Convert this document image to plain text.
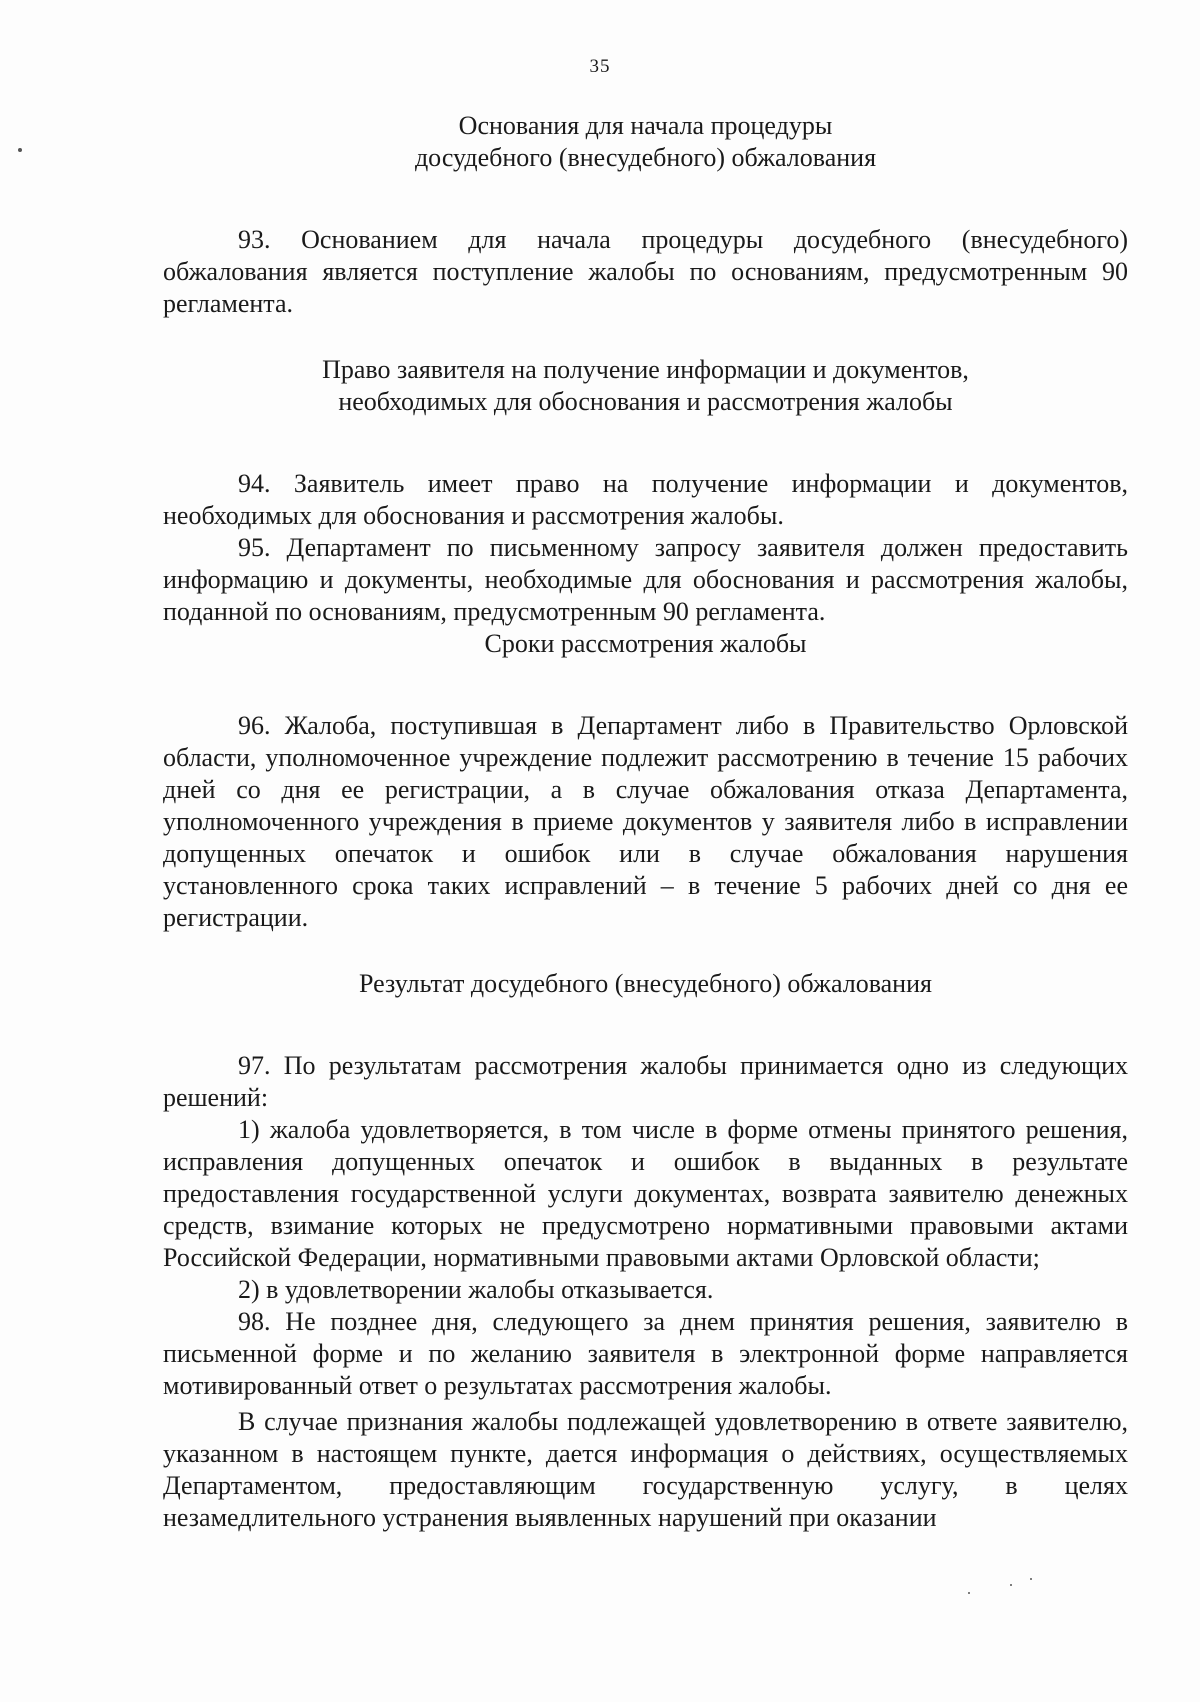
35

Основания для начала процедуры

досудебного (внесудебного) обжалования

93. Основанием для начала процедуры досудебного (внесудебного) обжалования является поступление жалобы по основаниям, предусмотренным 90 регламента.

Право заявителя на получение информации и документов,

необходимых для обоснования и рассмотрения жалобы

94. Заявитель имеет право на получение информации и документов, необходимых для обоснования и рассмотрения жалобы.

95. Департамент по письменному запросу заявителя должен предоставить информацию и документы, необходимые для обоснования и рассмотрения жалобы, поданной по основаниям, предусмотренным 90 регламента.

Сроки рассмотрения жалобы

96. Жалоба, поступившая в Департамент либо в Правительство Орловской области, уполномоченное учреждение подлежит рассмотрению в течение 15 рабочих дней со дня ее регистрации, а в случае обжалования отказа Департамента, уполномоченного учреждения в приеме документов у заявителя либо в исправлении допущенных опечаток и ошибок или в случае обжалования нарушения установленного срока таких исправлений – в течение 5 рабочих дней со дня ее регистрации.

Результат досудебного (внесудебного) обжалования

97. По результатам рассмотрения жалобы принимается одно из следующих решений:

1) жалоба удовлетворяется, в том числе в форме отмены принятого решения, исправления допущенных опечаток и ошибок в выданных в результате предоставления государственной услуги документах, возврата заявителю денежных средств, взимание которых не предусмотрено нормативными правовыми актами Российской Федерации, нормативными правовыми актами Орловской области;

2) в удовлетворении жалобы отказывается.

98. Не позднее дня, следующего за днем принятия решения, заявителю в письменной форме и по желанию заявителя в электронной форме направляется мотивированный ответ о результатах рассмотрения жалобы.

В случае признания жалобы подлежащей удовлетворению в ответе заявителю, указанном в настоящем пункте, дается информация о действиях, осуществляемых Департаментом, предоставляющим государственную услугу, в целях незамедлительного устранения выявленных нарушений при оказании
